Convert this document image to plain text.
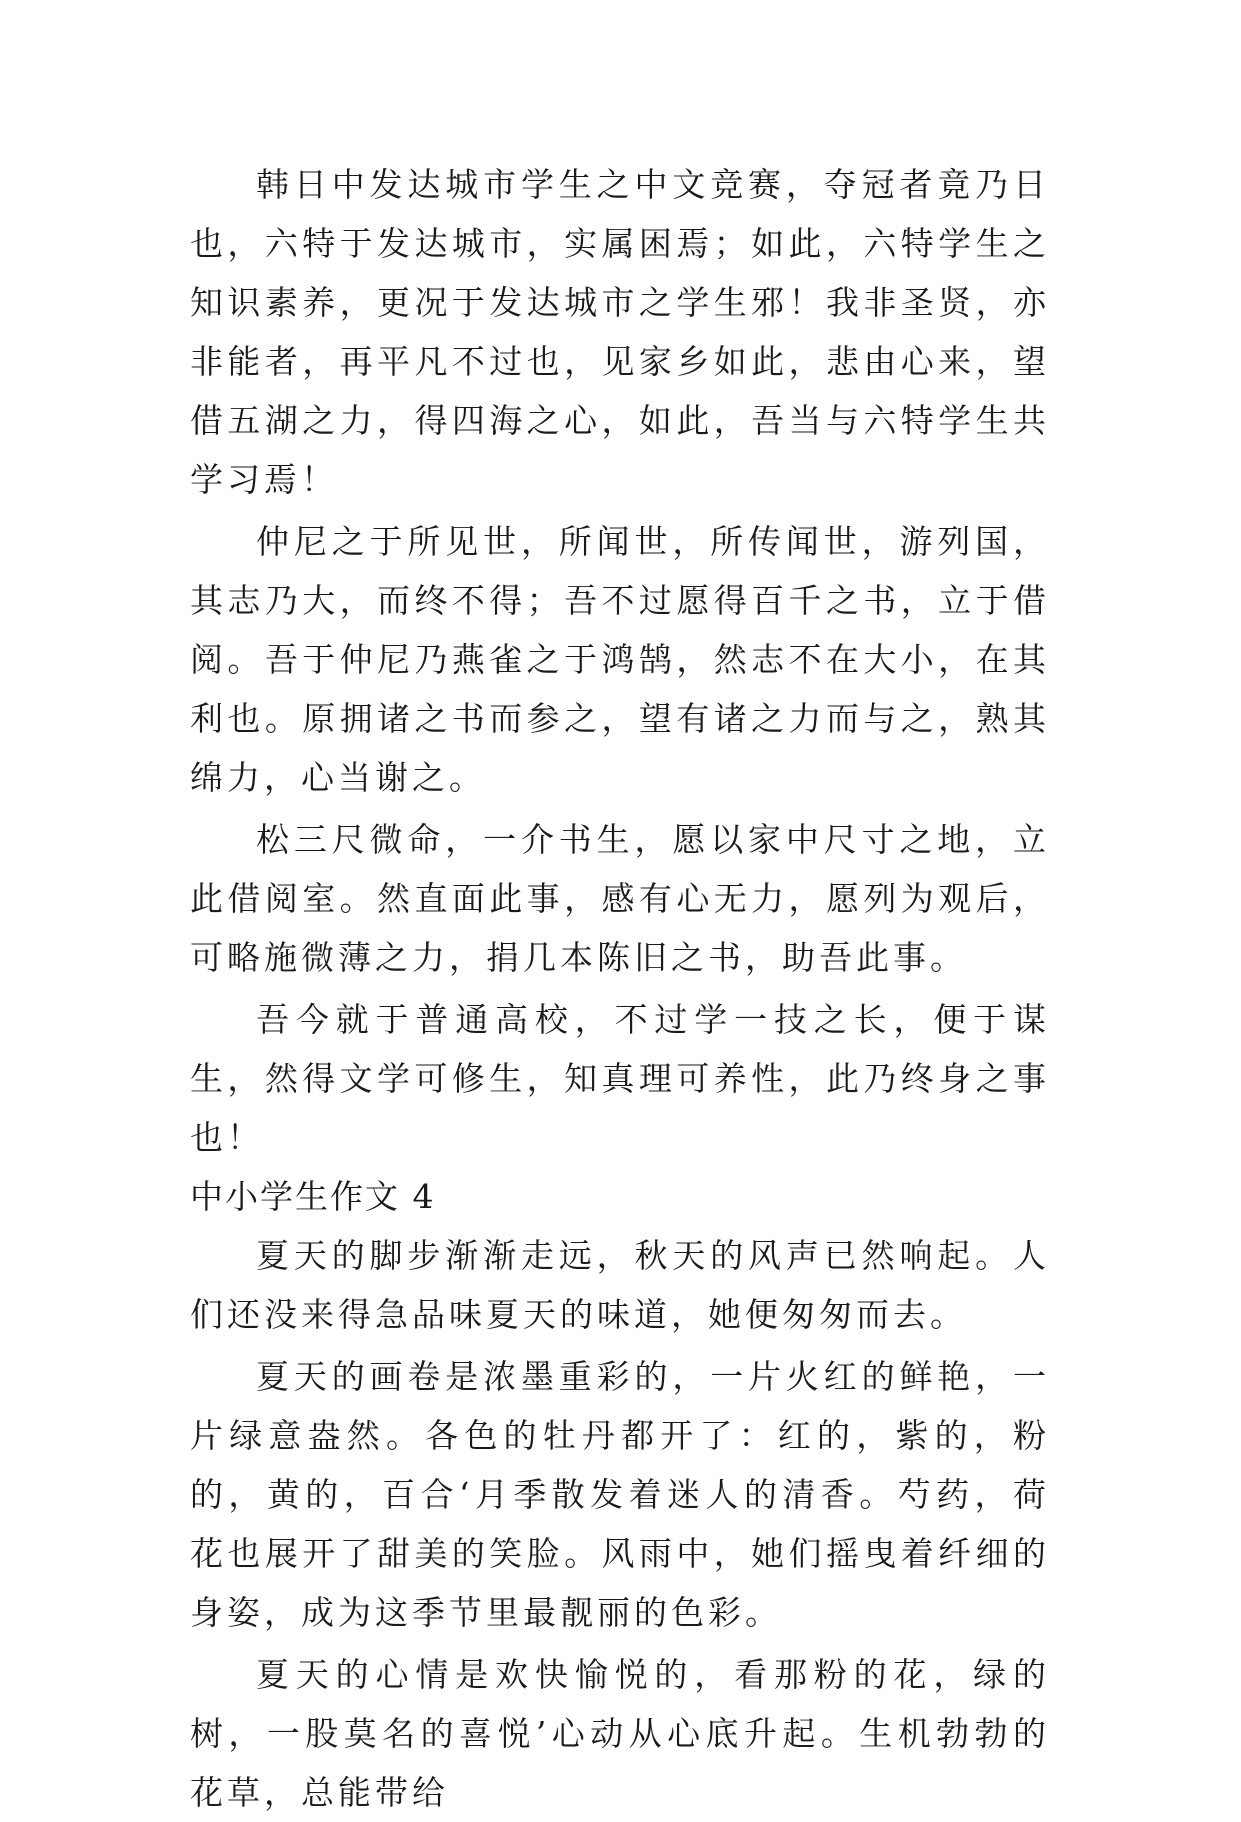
韩日中发达城市学生之中文竞赛，夺冠者竟乃日也，六特于发达城市，实属困焉；如此，六特学生之知识素养，更况于发达城市之学生邪！我非圣贤，亦非能者，再平凡不过也，见家乡如此，悲由心来，望借五湖之力，得四海之心，如此，吾当与六特学生共学习焉！

仲尼之于所见世，所闻世，所传闻世，游列国，其志乃大，而终不得；吾不过愿得百千之书，立于借阅。吾于仲尼乃燕雀之于鸿鹄，然志不在大小，在其利也。原拥诸之书而参之，望有诸之力而与之，熟其绵力，心当谢之。

松三尺微命，一介书生，愿以家中尺寸之地，立此借阅室。然直面此事，感有心无力，愿列为观后，可略施微薄之力，捐几本陈旧之书，助吾此事。

吾今就于普通高校，不过学一技之长，便于谋生，然得文学可修生，知真理可养性，此乃终身之事也！

中小学生作文 4

夏天的脚步渐渐走远，秋天的风声已然响起。人们还没来得急品味夏天的味道，她便匆匆而去。

夏天的画卷是浓墨重彩的，一片火红的鲜艳，一片绿意盎然。各色的牡丹都开了：红的，紫的，粉的，黄的，百合‘月季散发着迷人的清香。芍药，荷花也展开了甜美的笑脸。风雨中，她们摇曳着纤细的身姿，成为这季节里最靓丽的色彩。

夏天的心情是欢快愉悦的，看那粉的花，绿的树，一股莫名的喜悦’心动从心底升起。生机勃勃的花草，总能带给
